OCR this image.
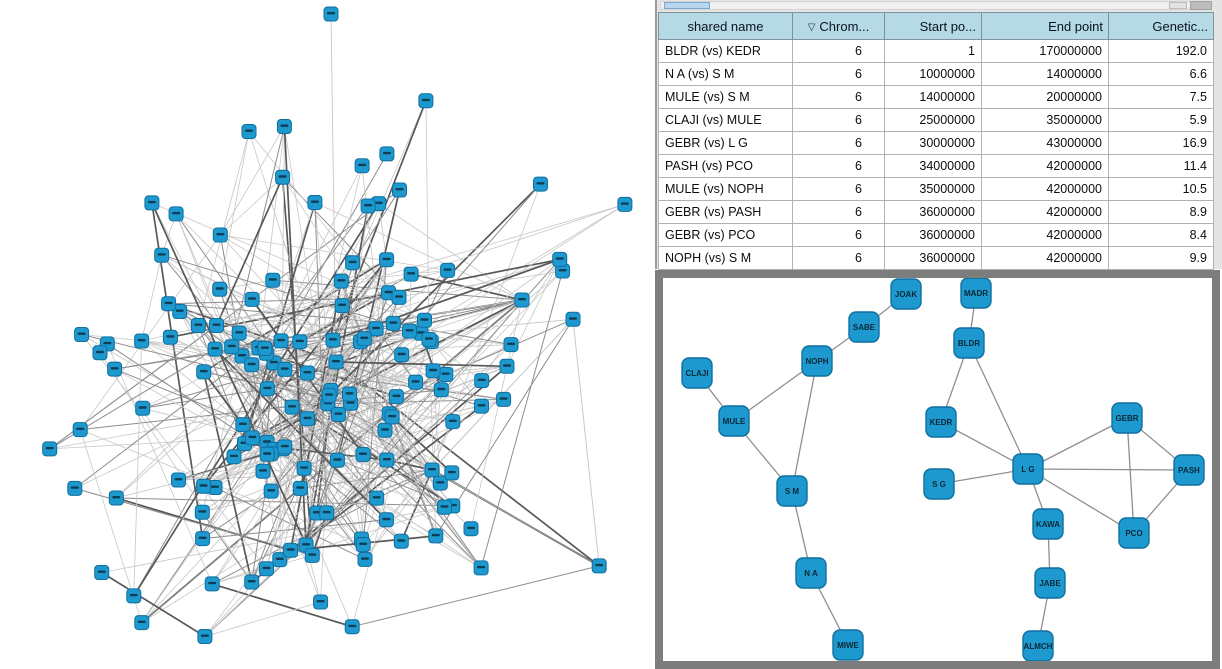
shared name	▽ Chrom...	Start po...	End point	Genetic...
BLDR (vs) KEDR	6	1	170000000	192.0
N A (vs) S M	6	10000000	14000000	6.6
MULE (vs) S M	6	14000000	20000000	7.5
CLAJI (vs) MULE	6	25000000	35000000	5.9
GEBR (vs) L G	6	30000000	43000000	16.9
PASH (vs) PCO	6	34000000	42000000	11.4
MULE (vs) NOPH	6	35000000	42000000	10.5
GEBR (vs) PASH	6	36000000	42000000	8.9
GEBR (vs) PCO	6	36000000	42000000	8.4
NOPH (vs) S M	6	36000000	42000000	9.9
JOAK	MADR
SABE
BLDR
NOPH
CLAJI
MULE	KEDR	GEBR
L G
S G
PASH
S M
KAWA
PCO
N A
JABE
MIWE	ALMCH
